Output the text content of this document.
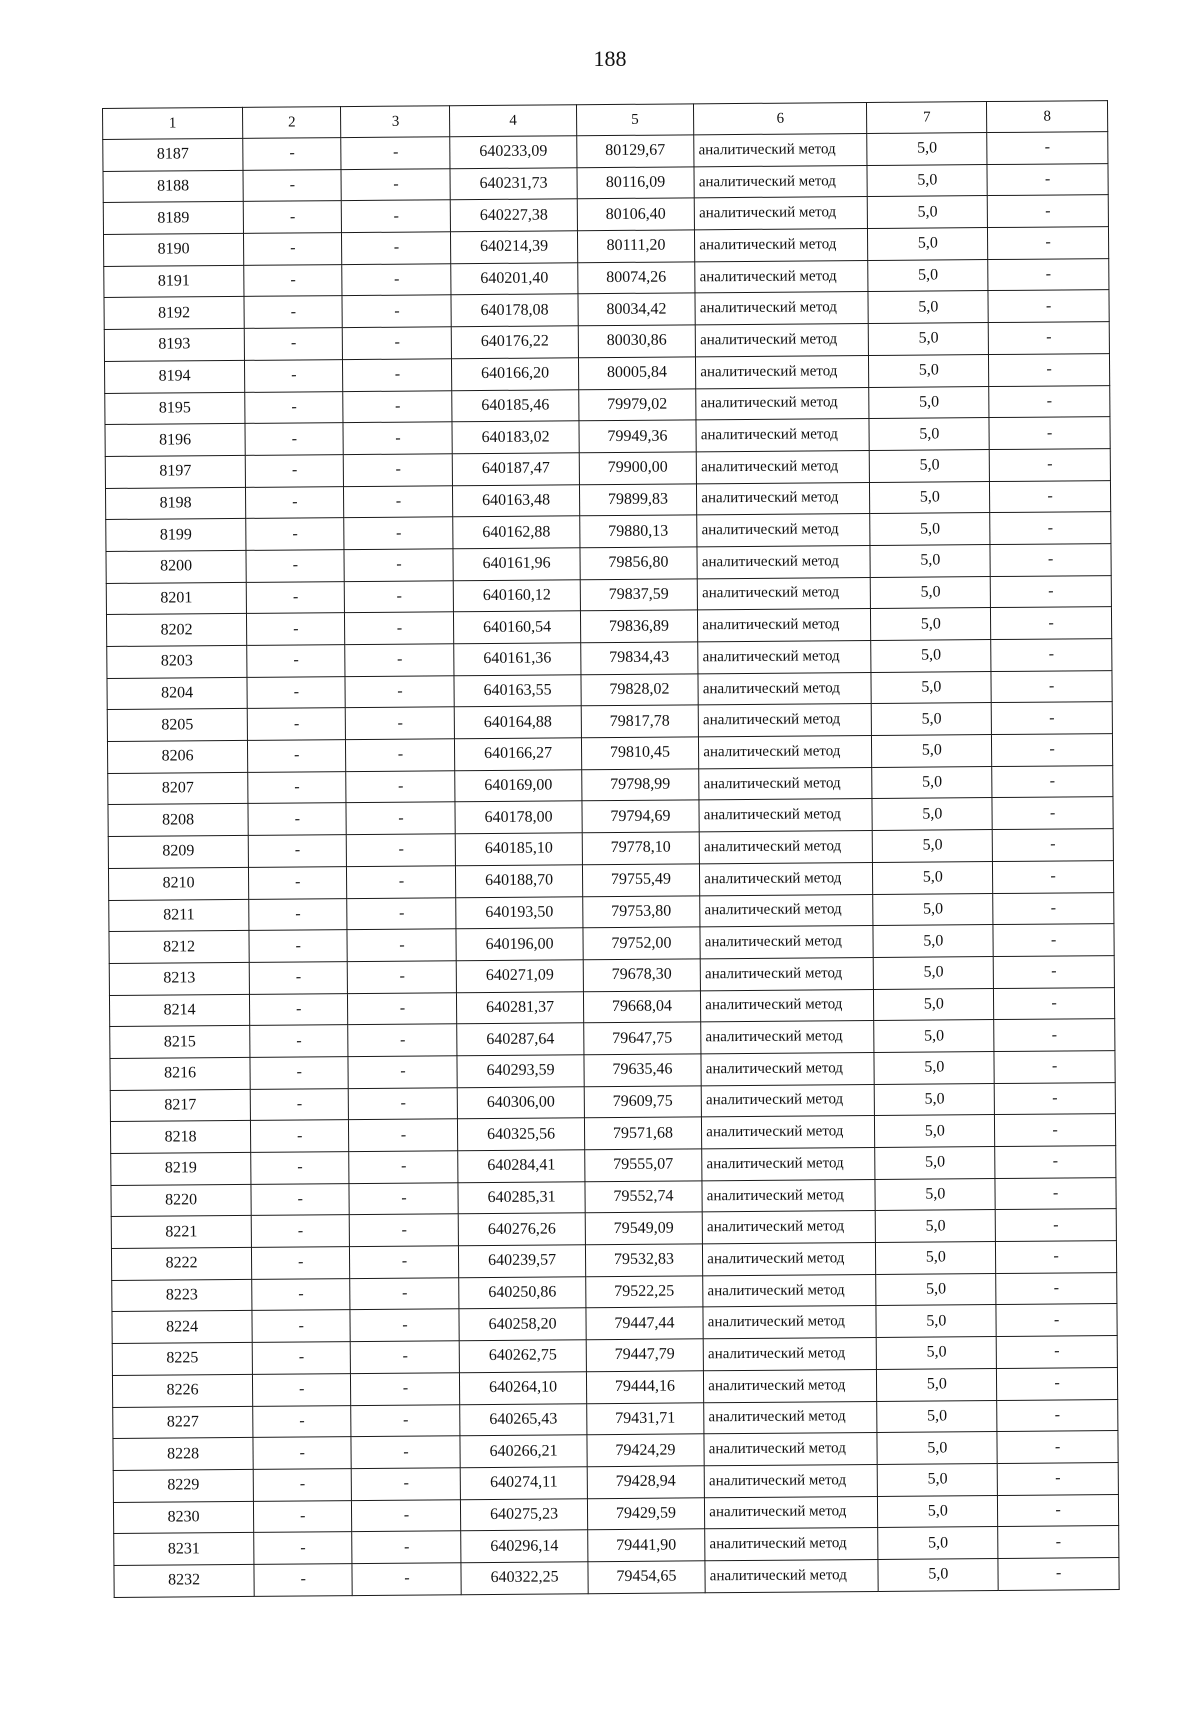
188
1	2	3	4	5	6	7	8
8187	-	-	640233,09	80129,67	аналитический метод	5,0	-
8188	-	-	640231,73	80116,09	аналитический метод	5,0	-
8189	-	-	640227,38	80106,40	аналитический метод	5,0	-
8190	-	-	640214,39	80111,20	аналитический метод	5,0	-
8191	-	-	640201,40	80074,26	аналитический метод	5,0	-
8192	-	-	640178,08	80034,42	аналитический метод	5,0	-
8193	-	-	640176,22	80030,86	аналитический метод	5,0	-
8194	-	-	640166,20	80005,84	аналитический метод	5,0	-
8195	-	-	640185,46	79979,02	аналитический метод	5,0	-
8196	-	-	640183,02	79949,36	аналитический метод	5,0	-
8197	-	-	640187,47	79900,00	аналитический метод	5,0	-
8198	-	-	640163,48	79899,83	аналитический метод	5,0	-
8199	-	-	640162,88	79880,13	аналитический метод	5,0	-
8200	-	-	640161,96	79856,80	аналитический метод	5,0	-
8201	-	-	640160,12	79837,59	аналитический метод	5,0	-
8202	-	-	640160,54	79836,89	аналитический метод	5,0	-
8203	-	-	640161,36	79834,43	аналитический метод	5,0	-
8204	-	-	640163,55	79828,02	аналитический метод	5,0	-
8205	-	-	640164,88	79817,78	аналитический метод	5,0	-
8206	-	-	640166,27	79810,45	аналитический метод	5,0	-
8207	-	-	640169,00	79798,99	аналитический метод	5,0	-
8208	-	-	640178,00	79794,69	аналитический метод	5,0	-
8209	-	-	640185,10	79778,10	аналитический метод	5,0	-
8210	-	-	640188,70	79755,49	аналитический метод	5,0	-
8211	-	-	640193,50	79753,80	аналитический метод	5,0	-
8212	-	-	640196,00	79752,00	аналитический метод	5,0	-
8213	-	-	640271,09	79678,30	аналитический метод	5,0	-
8214	-	-	640281,37	79668,04	аналитический метод	5,0	-
8215	-	-	640287,64	79647,75	аналитический метод	5,0	-
8216	-	-	640293,59	79635,46	аналитический метод	5,0	-
8217	-	-	640306,00	79609,75	аналитический метод	5,0	-
8218	-	-	640325,56	79571,68	аналитический метод	5,0	-
8219	-	-	640284,41	79555,07	аналитический метод	5,0	-
8220	-	-	640285,31	79552,74	аналитический метод	5,0	-
8221	-	-	640276,26	79549,09	аналитический метод	5,0	-
8222	-	-	640239,57	79532,83	аналитический метод	5,0	-
8223	-	-	640250,86	79522,25	аналитический метод	5,0	-
8224	-	-	640258,20	79447,44	аналитический метод	5,0	-
8225	-	-	640262,75	79447,79	аналитический метод	5,0	-
8226	-	-	640264,10	79444,16	аналитический метод	5,0	-
8227	-	-	640265,43	79431,71	аналитический метод	5,0	-
8228	-	-	640266,21	79424,29	аналитический метод	5,0	-
8229	-	-	640274,11	79428,94	аналитический метод	5,0	-
8230	-	-	640275,23	79429,59	аналитический метод	5,0	-
8231	-	-	640296,14	79441,90	аналитический метод	5,0	-
8232	-	-	640322,25	79454,65	аналитический метод	5,0	-
